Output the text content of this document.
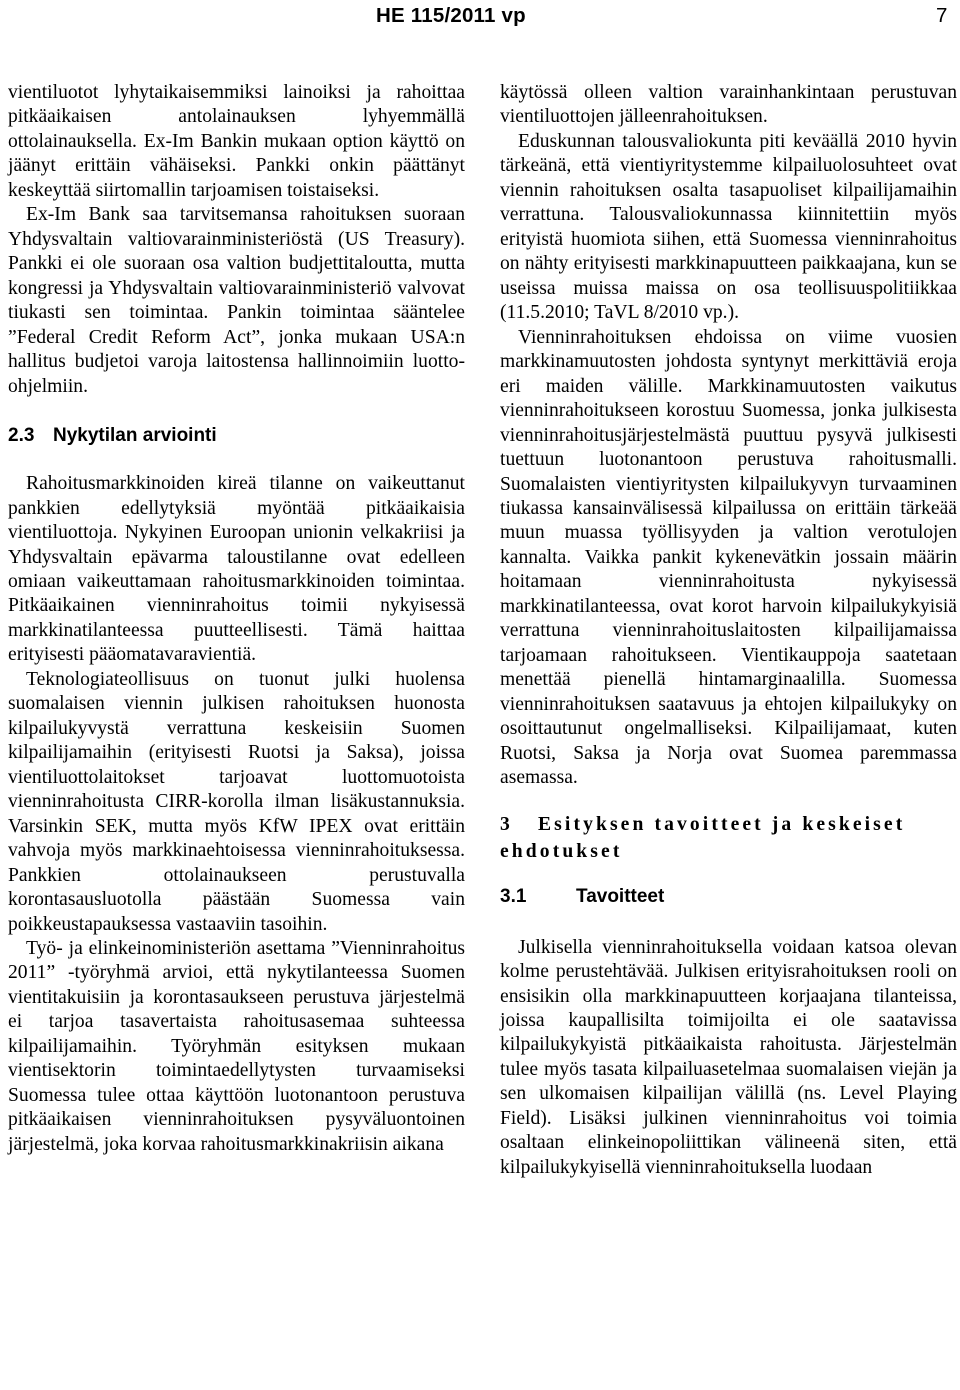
HE 115/2011 vp	7

vientiluotot lyhytaikaisemmiksi lainoiksi ja rahoittaa pitkäaikaisen antolainauksen lyhyemmällä ottolainauksella. Ex-Im Bankin mukaan option käyttö on jäänyt erittäin vähäiseksi. Pankki onkin päättänyt keskeyttää siirtomallin tarjoamisen toistaiseksi.

Ex-Im Bank saa tarvitsemansa rahoituksen suoraan Yhdysvaltain valtiovarainministeriöstä (US Treasury). Pankki ei ole suoraan osa valtion budjettitaloutta, mutta kongressi ja Yhdysvaltain valtiovarainministeriö valvovat tiukasti sen toimintaa. Pankin toimintaa sääntelee ”Federal Credit Reform Act”, jonka mukaan USA:n hallitus budjetoi varoja laitostensa hallinnoimiin luotto-ohjelmiin.

2.3 Nykytilan arviointi

Rahoitusmarkkinoiden kireä tilanne on vaikeuttanut pankkien edellytyksiä myöntää pitkäaikaisia vientiluottoja. Nykyinen Euroopan unionin velkakriisi ja Yhdysvaltain epävarma taloustilanne ovat edelleen omiaan vaikeuttamaan rahoitusmarkkinoiden toimintaa. Pitkäaikainen vienninrahoitus toimii nykyisessä markkinatilanteessa puutteellisesti. Tämä haittaa erityisesti pääomatavaravientiä.

Teknologiateollisuus on tuonut julki huolensa suomalaisen viennin julkisen rahoituksen huonosta kilpailukyvystä verrattuna keskeisiin Suomen kilpailijamaihin (erityisesti Ruotsi ja Saksa), joissa vientiluottolaitokset tarjoavat luottomuotoista vienninrahoitusta CIRR-korolla ilman lisäkustannuksia. Varsinkin SEK, mutta myös KfW IPEX ovat erittäin vahvoja myös markkinaehtoisessa vienninrahoituksessa. Pankkien ottolainaukseen perustuvalla korontasausluotolla päästään Suomessa vain poikkeustapauksessa vastaaviin tasoihin.

Työ- ja elinkeinoministeriön asettama ”Vienninrahoitus 2011” -työryhmä arvioi, että nykytilanteessa Suomen vientitakuisiin ja korontasaukseen perustuva järjestelmä ei tarjoa tasavertaista rahoitusasemaa suhteessa kilpailijamaihin. Työryhmän esityksen mukaan vientisektorin toimintaedellytysten turvaamiseksi Suomessa tulee ottaa käyttöön luotonantoon perustuva pitkäaikaisen vienninrahoituksen pysyväluontoinen järjestelmä, joka korvaa rahoitusmarkkinakriisin aikana

käytössä olleen valtion varainhankintaan perustuvan vientiluottojen jälleenrahoituksen.

Eduskunnan talousvaliokunta piti keväällä 2010 hyvin tärkeänä, että vientiyritystemme kilpailuolosuhteet ovat viennin rahoituksen osalta tasapuoliset kilpailijamaihin verrattuna. Talousvaliokunnassa kiinnitettiin myös erityistä huomiota siihen, että Suomessa vienninrahoitus on nähty erityisesti markkinapuutteen paikkaajana, kun se useissa muissa maissa on osa teollisuuspolitiikkaa (11.5.2010; TaVL 8/2010 vp.).

Vienninrahoituksen ehdoissa on viime vuosien markkinamuutosten johdosta syntynyt merkittäviä eroja eri maiden välille. Markkinamuutosten vaikutus vienninrahoitukseen korostuu Suomessa, jonka julkisesta vienninrahoitusjärjestelmästä puuttuu pysyvä julkisesti tuettuun luotonantoon perustuva rahoitusmalli. Suomalaisten vientiyritysten kilpailukyvyn turvaaminen tiukassa kansainvälisessä kilpailussa on erittäin tärkeää muun muassa työllisyyden ja valtion verotulojen kannalta. Vaikka pankit kykenevätkin jossain määrin hoitamaan vienninrahoitusta nykyisessä markkinatilanteessa, ovat korot harvoin kilpailukykyisiä verrattuna vienninrahoituslaitosten kilpailijamaissa tarjoamaan rahoitukseen. Vientikauppoja saatetaan menettää pienellä hintamarginaalilla. Suomessa vienninrahoituksen saatavuus ja ehtojen kilpailukyky on osoittautunut ongelmalliseksi. Kilpailijamaat, kuten Ruotsi, Saksa ja Norja ovat Suomea paremmassa asemassa.

3 Esityksen tavoitteet ja keskeiset ehdotukset
3.1	Tavoitteet

Julkisella vienninrahoituksella voidaan katsoa olevan kolme perustehtävää. Julkisen erityisrahoituksen rooli on ensisikin olla markkinapuutteen korjaajana tilanteissa, joissa kaupallisilta toimijoilta ei ole saatavissa kilpailukykyistä pitkäaikaista rahoitusta. Järjestelmän tulee myös tasata kilpailuasetelmaa suomalaisen viejän ja sen ulkomaisen kilpailijan välillä (ns. Level Playing Field). Lisäksi julkinen vienninrahoitus voi toimia osaltaan elinkeinopoliittikan välineenä siten, että kilpailukykyisellä vienninrahoituksella luodaan
